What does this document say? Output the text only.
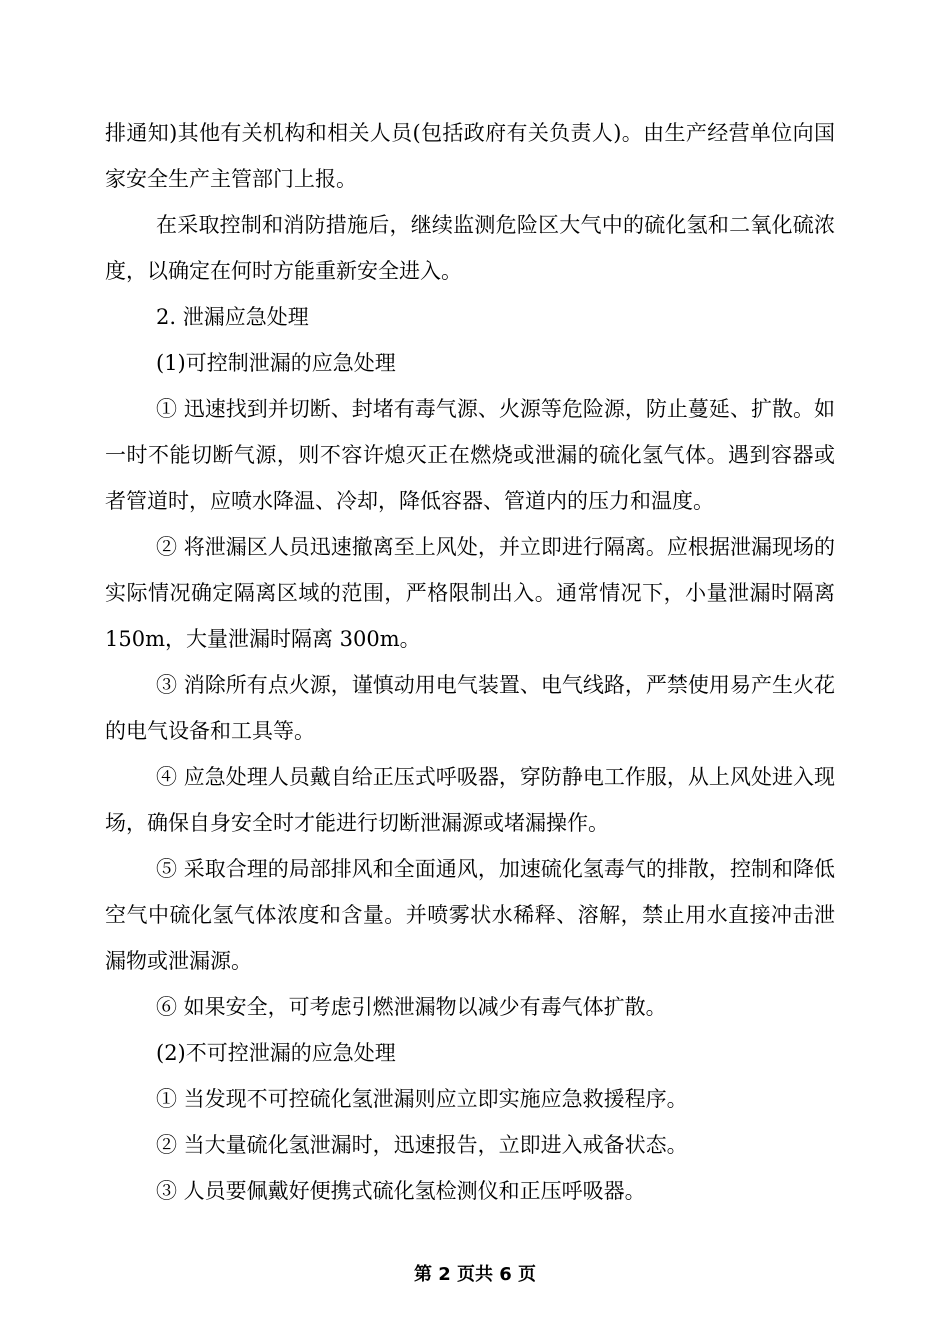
排通知)其他有关机构和相关人员(包括政府有关负责人)。由生产经营单位向国家安全生产主管部门上报。

在采取控制和消防措施后，继续监测危险区大气中的硫化氢和二氧化硫浓度，以确定在何时方能重新安全进入。

2. 泄漏应急处理

(1)可控制泄漏的应急处理

① 迅速找到并切断、封堵有毒气源、火源等危险源，防止蔓延、扩散。如一时不能切断气源，则不容许熄灭正在燃烧或泄漏的硫化氢气体。遇到容器或者管道时，应喷水降温、冷却，降低容器、管道内的压力和温度。

② 将泄漏区人员迅速撤离至上风处，并立即进行隔离。应根据泄漏现场的实际情况确定隔离区域的范围，严格限制出入。通常情况下，小量泄漏时隔离 150m，大量泄漏时隔离 300m。

③ 消除所有点火源，谨慎动用电气装置、电气线路，严禁使用易产生火花的电气设备和工具等。

④ 应急处理人员戴自给正压式呼吸器，穿防静电工作服，从上风处进入现场，确保自身安全时才能进行切断泄漏源或堵漏操作。

⑤ 采取合理的局部排风和全面通风，加速硫化氢毒气的排散，控制和降低空气中硫化氢气体浓度和含量。并喷雾状水稀释、溶解，禁止用水直接冲击泄漏物或泄漏源。

⑥ 如果安全，可考虑引燃泄漏物以减少有毒气体扩散。

(2)不可控泄漏的应急处理

① 当发现不可控硫化氢泄漏则应立即实施应急救援程序。

② 当大量硫化氢泄漏时，迅速报告，立即进入戒备状态。

③ 人员要佩戴好便携式硫化氢检测仪和正压呼吸器。

第 2 页共 6 页
